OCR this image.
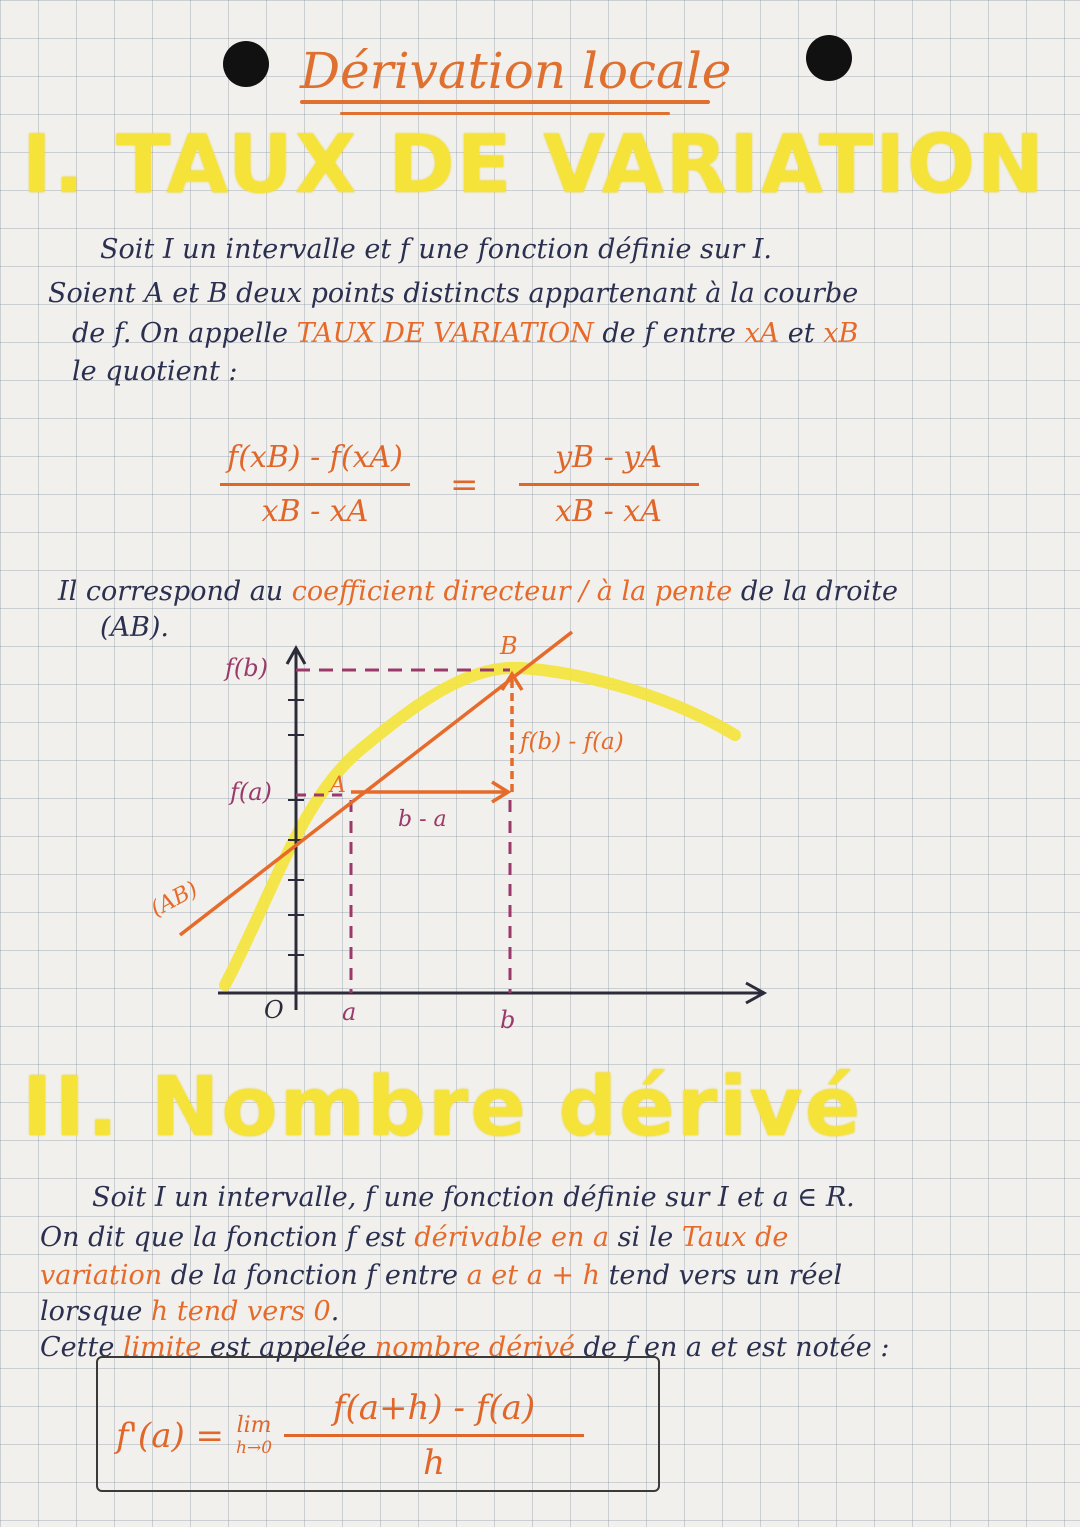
Dérivation locale
I. TAUX DE VARIATION
Soit I un intervalle et f une fonction définie sur I.
Soient A et B deux points distincts appartenant à la courbe
de f. On appelle TAUX DE VARIATION de f entre xA et xB
le quotient :
$\frac{f(xB) - f(xA)}{xB - xA} = \frac{yB - yA}{xB - xA}$
Il correspond au coefficient directeur / à la pente de la droite
(AB).
f(b)
f(a)	A
B
(AB)
f(b) - f(a)
b - a
O a	b
II. Nombre dérivé
Soit I un intervalle, f une fonction définie sur I et a ∈ R.
On dit que la fonction f est dérivable en a si le Taux de
variation de la fonction f entre a et a + h tend vers un réel
lorsque h tend vers 0.
Cette limite est appelée nombre dérivé de f en a et est notée :
f'(a) = lim
h→0
f(a+h) - f(a)
h
